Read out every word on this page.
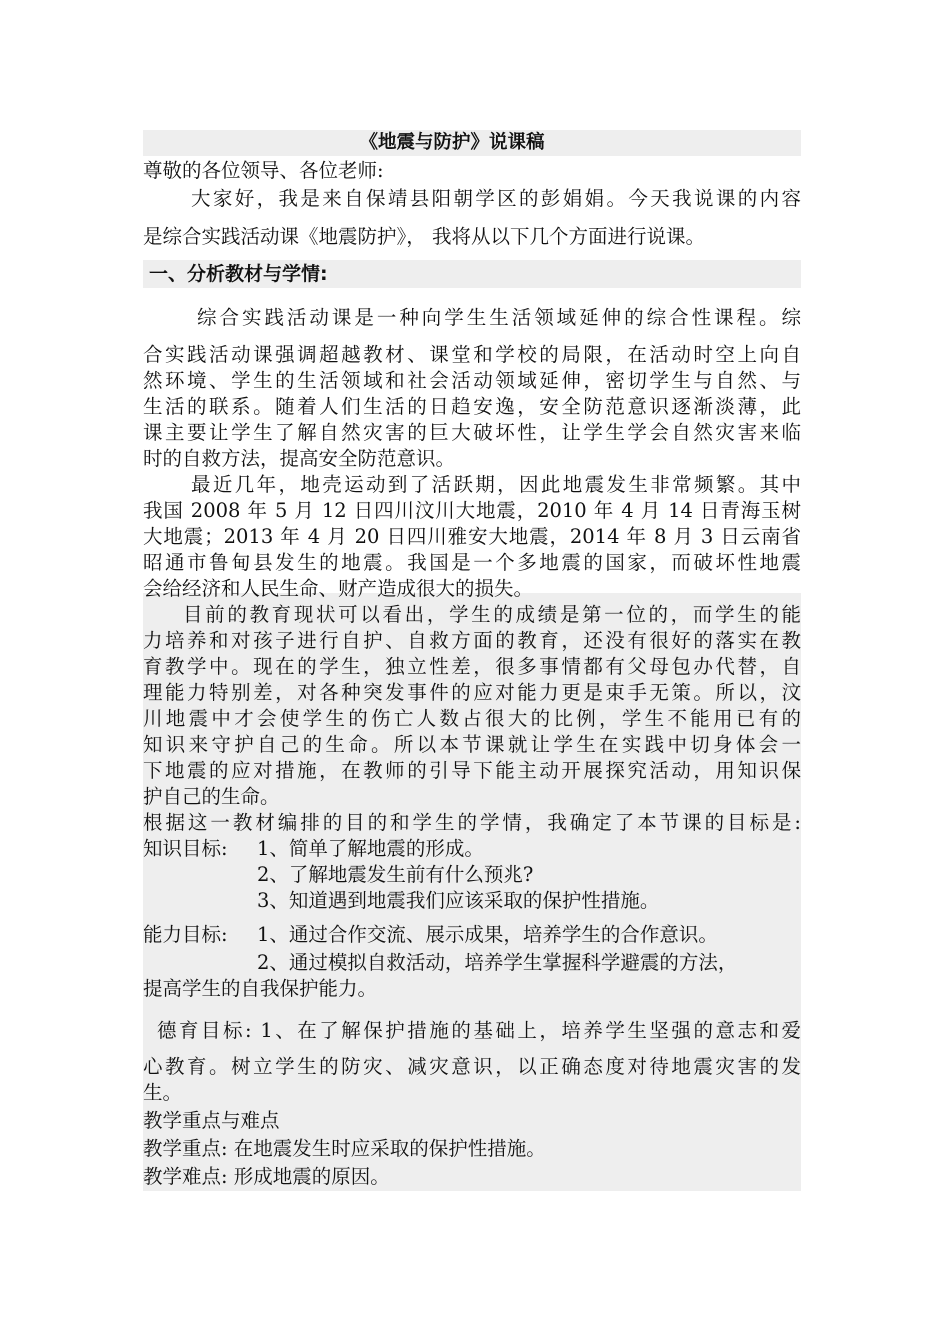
《地震与防护》说课稿
尊敬的各位领导、各位老师:
大家好，我是来自保靖县阳朝学区的彭娟娟。今天我说课的内容
是综合实践活动课《地震防护》， 我将从以下几个方面进行说课。
一、分析教材与学情:
综合实践活动课是一种向学生生活领域延伸的综合性课程。综
合实践活动课强调超越教材、课堂和学校的局限，在活动时空上向自
然环境、学生的生活领域和社会活动领域延伸，密切学生与自然、与
生活的联系。随着人们生活的日趋安逸，安全防范意识逐渐淡薄，此
课主要让学生了解自然灾害的巨大破坏性，让学生学会自然灾害来临
时的自救方法，提高安全防范意识。
最近几年，地壳运动到了活跃期，因此地震发生非常频繁。其中
我国 2008 年 5 月 12 日四川汶川大地震，2010 年 4 月 14 日青海玉树
大地震；2013 年 4 月 20 日四川雅安大地震，2014 年 8 月 3 日云南省
昭通市鲁甸县发生的地震。我国是一个多地震的国家，而破坏性地震
会给经济和人民生命、财产造成很大的损失。
目前的教育现状可以看出，学生的成绩是第一位的，而学生的能
力培养和对孩子进行自护、自救方面的教育，还没有很好的落实在教
育教学中。现在的学生，独立性差，很多事情都有父母包办代替，自
理能力特别差，对各种突发事件的应对能力更是束手无策。所以，汶
川地震中才会使学生的伤亡人数占很大的比例，学生不能用已有的
知识来守护自己的生命。所以本节课就让学生在实践中切身体会一
下地震的应对措施，在教师的引导下能主动开展探究活动，用知识保
护自己的生命。
根据这一教材编排的目的和学生的学情，我确定了本节课的目标是:
知识目标:	1、简单了解地震的形成。
2、了解地震发生前有什么预兆?
3、知道遇到地震我们应该采取的保护性措施。
能力目标:	1、通过合作交流、展示成果，培养学生的合作意识。
2、通过模拟自救活动，培养学生掌握科学避震的方法，
提高学生的自我保护能力。
德育目标: 1、在了解保护措施的基础上，培养学生坚强的意志和爱
心教育。树立学生的防灾、减灾意识，以正确态度对待地震灾害的发
生。
教学重点与难点
教学重点: 在地震发生时应采取的保护性措施。
教学难点: 形成地震的原因。
